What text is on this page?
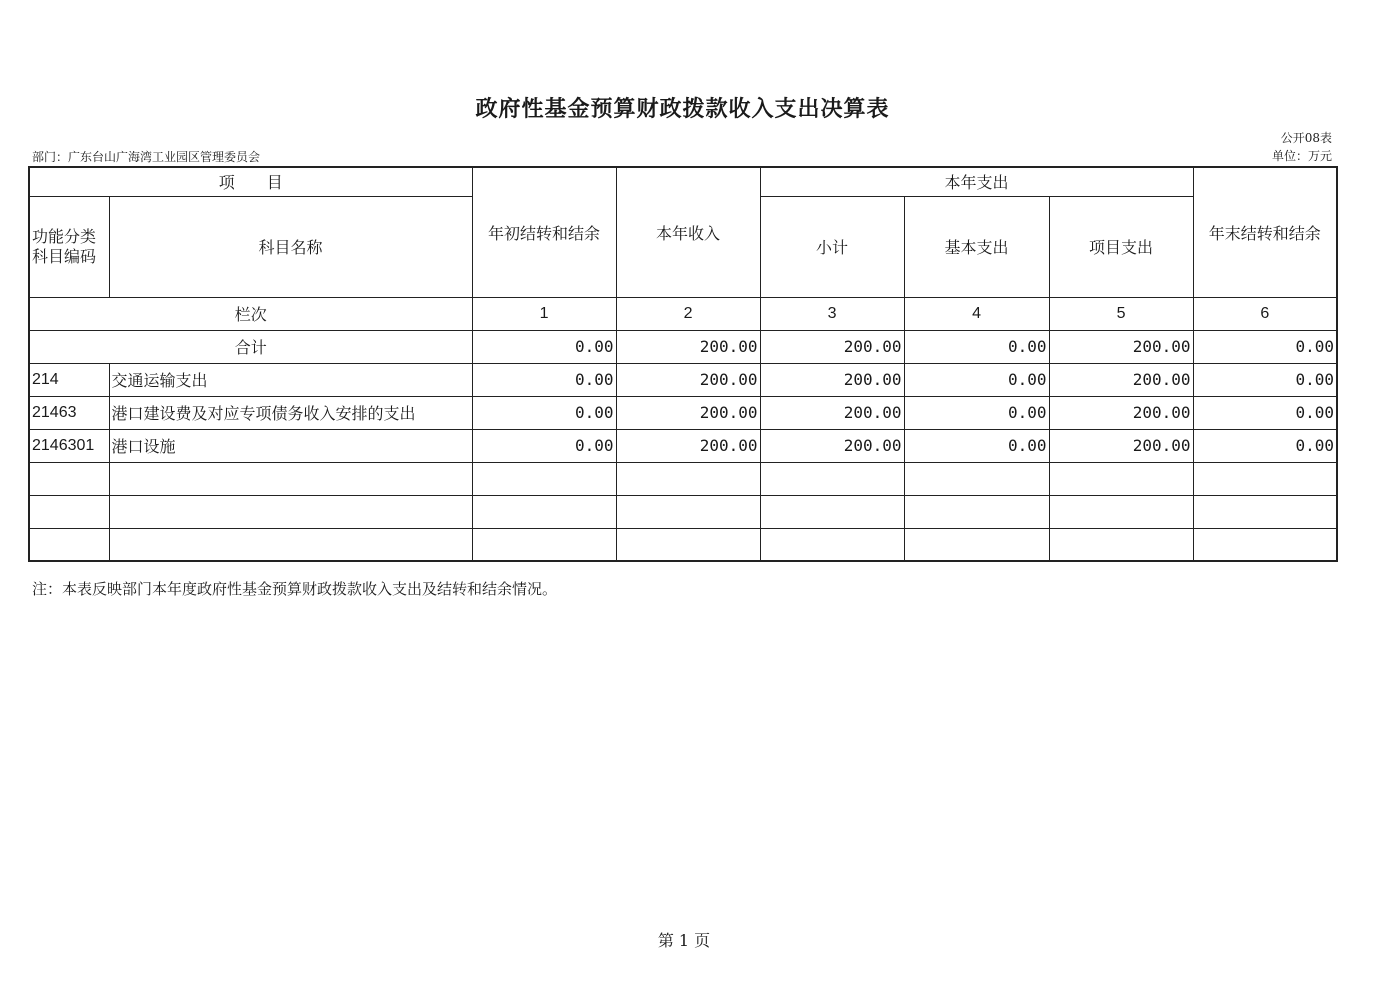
政府性基金预算财政拨款收入支出决算表
公开08表
部门：广东台山广海湾工业园区管理委员会	单位：万元
项　　目		年初结转和结余	本年收入	本年支出			年末结转和结余
功能分类科目编码	科目名称			小计	基本支出	项目支出	
栏次		1	2	3	4	5	6
合计		0.00	200.00	200.00	0.00	200.00	0.00
214	交通运输支出	0.00	200.00	200.00	0.00	200.00	0.00
21463	港口建设费及对应专项债务收入安排的支出	0.00	200.00	200.00	0.00	200.00	0.00
2146301	港口设施	0.00	200.00	200.00	0.00	200.00	0.00

注：本表反映部门本年度政府性基金预算财政拨款收入支出及结转和结余情况。
第 1 页
